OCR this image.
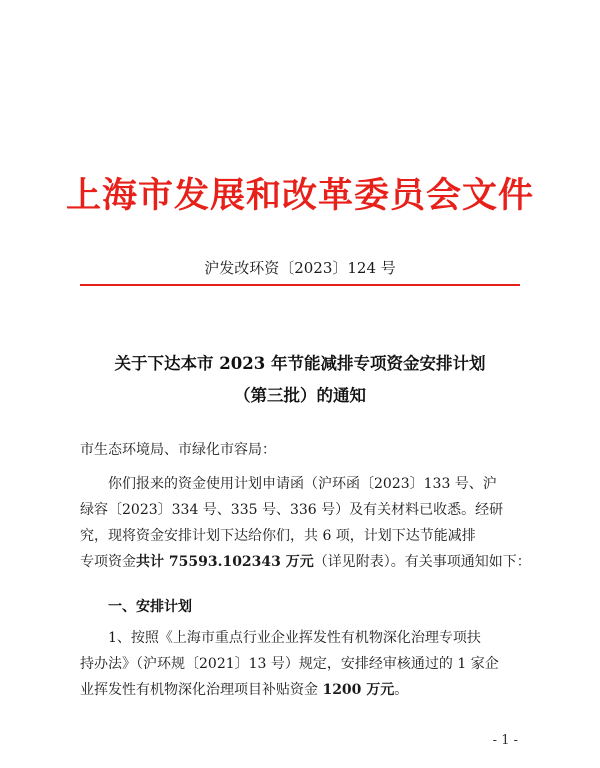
上海市发展和改革委员会文件
沪发改环资〔2023〕124 号
关于下达本市 2023 年节能减排专项资金安排计划
（第三批）的通知
市生态环境局、市绿化市容局：
你们报来的资金使用计划申请函（沪环函〔2023〕133 号、沪
绿容〔2023〕334 号、335 号、336 号）及有关材料已收悉。经研
究，现将资金安排计划下达给你们，共 6 项，计划下达节能减排
专项资金共计 75593.102343 万元（详见附表）。有关事项通知如下：
一、安排计划
1、按照《上海市重点行业企业挥发性有机物深化治理专项扶
持办法》（沪环规〔2021〕13 号）规定，安排经审核通过的 1 家企
业挥发性有机物深化治理项目补贴资金 1200 万元。
- 1 -
